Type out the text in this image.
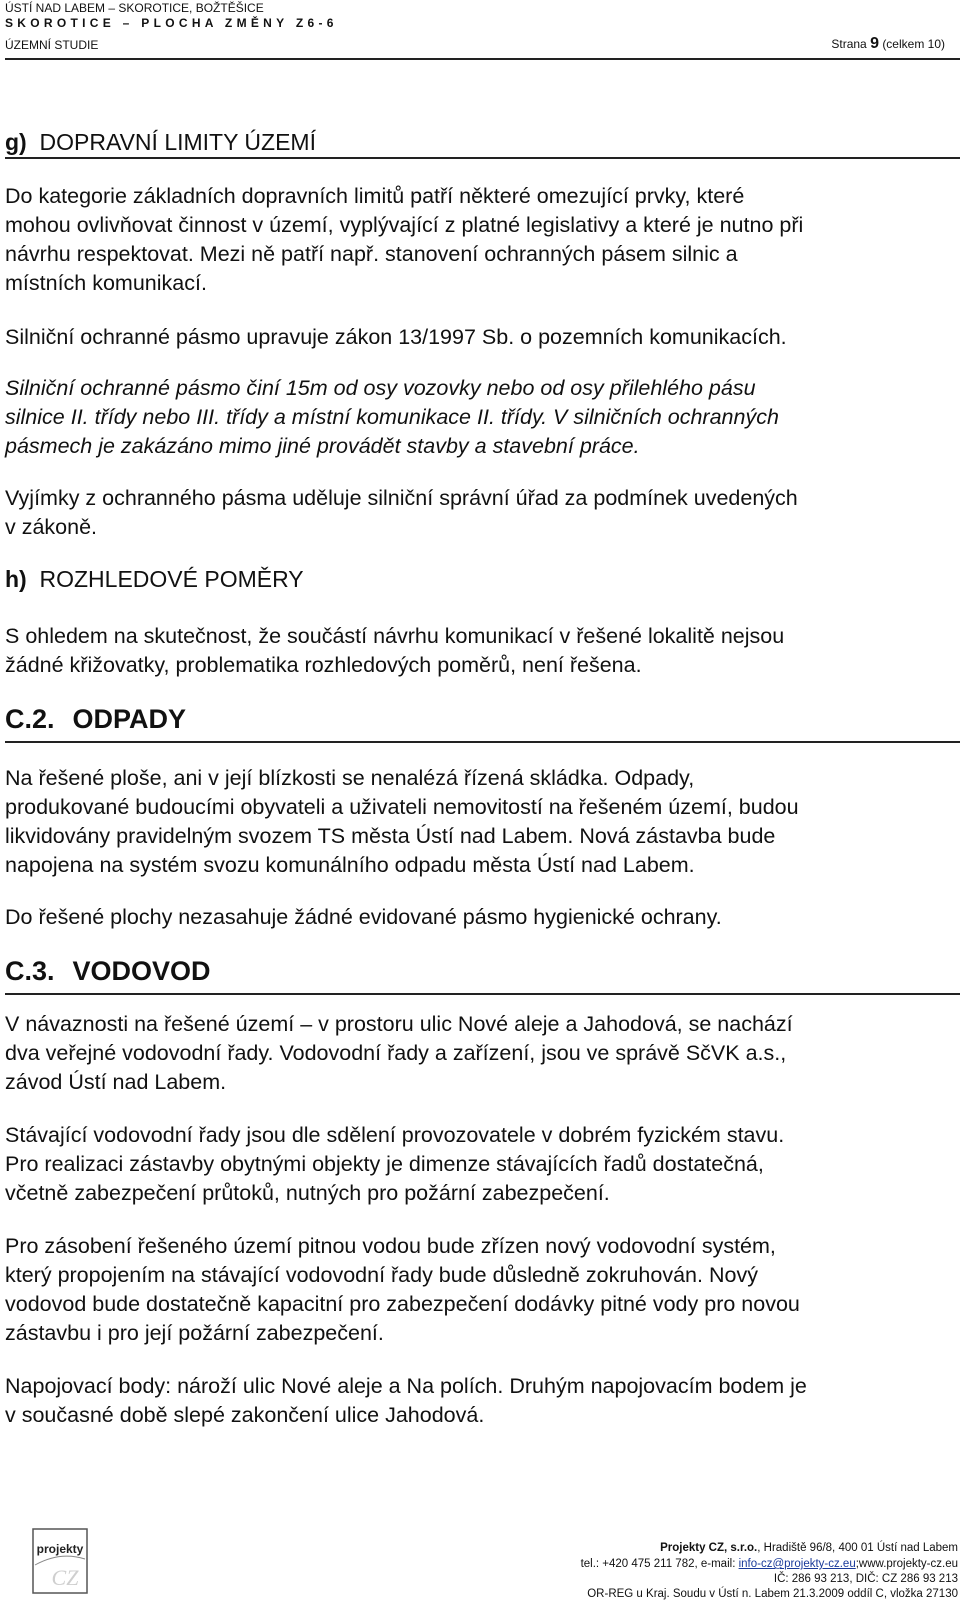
ÚSTÍ NAD LABEM – SKOROTICE, BOŽTĚŠICE
SKOROTICE – PLOCHA ZMĚNY Z6-6
ÚZEMNÍ STUDIE	Strana 9 (celkem 10)
g) DOPRAVNÍ LIMITY ÚZEMÍ
Do kategorie základních dopravních limitů patří některé omezující prvky, které
mohou ovlivňovat činnost v území, vyplývající z platné legislativy a které je nutno při
návrhu respektovat. Mezi ně patří např. stanovení ochranných pásem silnic a
místních komunikací.
Silniční ochranné pásmo upravuje zákon 13/1997 Sb. o pozemních komunikacích.
Silniční ochranné pásmo činí 15m od osy vozovky nebo od osy přilehlého pásu
silnice II. třídy nebo III. třídy a místní komunikace II. třídy. V silničních ochranných
pásmech je zakázáno mimo jiné provádět stavby a stavební práce.
Vyjímky z ochranného pásma uděluje silniční správní úřad za podmínek uvedených
v zákoně.
h) ROZHLEDOVÉ POMĚRY
S ohledem na skutečnost, že součástí návrhu komunikací v řešené lokalitě nejsou
žádné křižovatky, problematika rozhledových poměrů, není řešena.
C.2. ODPADY
Na řešené ploše, ani v její blízkosti se nenalézá řízená skládka. Odpady,
produkované budoucími obyvateli a uživateli nemovitostí na řešeném území, budou
likvidovány pravidelným svozem TS města Ústí nad Labem. Nová zástavba bude
napojena na systém svozu komunálního odpadu města Ústí nad Labem.
Do řešené plochy nezasahuje žádné evidované pásmo hygienické ochrany.
C.3. VODOVOD
V návaznosti na řešené území – v prostoru ulic Nové aleje a Jahodová, se nachází
dva veřejné vodovodní řady. Vodovodní řady a zařízení, jsou ve správě SčVK a.s.,
závod Ústí nad Labem.
Stávající vodovodní řady jsou dle sdělení provozovatele v dobrém fyzickém stavu.
Pro realizaci zástavby obytnými objekty je dimenze stávajících řadů dostatečná,
včetně zabezpečení průtoků, nutných pro požární zabezpečení.
Pro zásobení řešeného území pitnou vodou bude zřízen nový vodovodní systém,
který propojením na stávající vodovodní řady bude důsledně zokruhován. Nový
vodovod bude dostatečně kapacitní pro zabezpečení dodávky pitné vody pro novou
zástavbu i pro její požární zabezpečení.
Napojovací body: nároží ulic Nové aleje a Na polích. Druhým napojovacím bodem je
v současné době slepé zakončení ulice Jahodová.
projekty
CZ
Projekty CZ, s.r.o., Hradiště 96/8, 400 01 Ústí nad Labem
tel.: +420 475 211 782, e-mail: info-cz@projekty-cz.eu;www.projekty-cz.eu
IČ: 286 93 213, DIČ: CZ 286 93 213
OR-REG u Kraj. Soudu v Ústí n. Labem 21.3.2009 oddíl C, vložka 27130
